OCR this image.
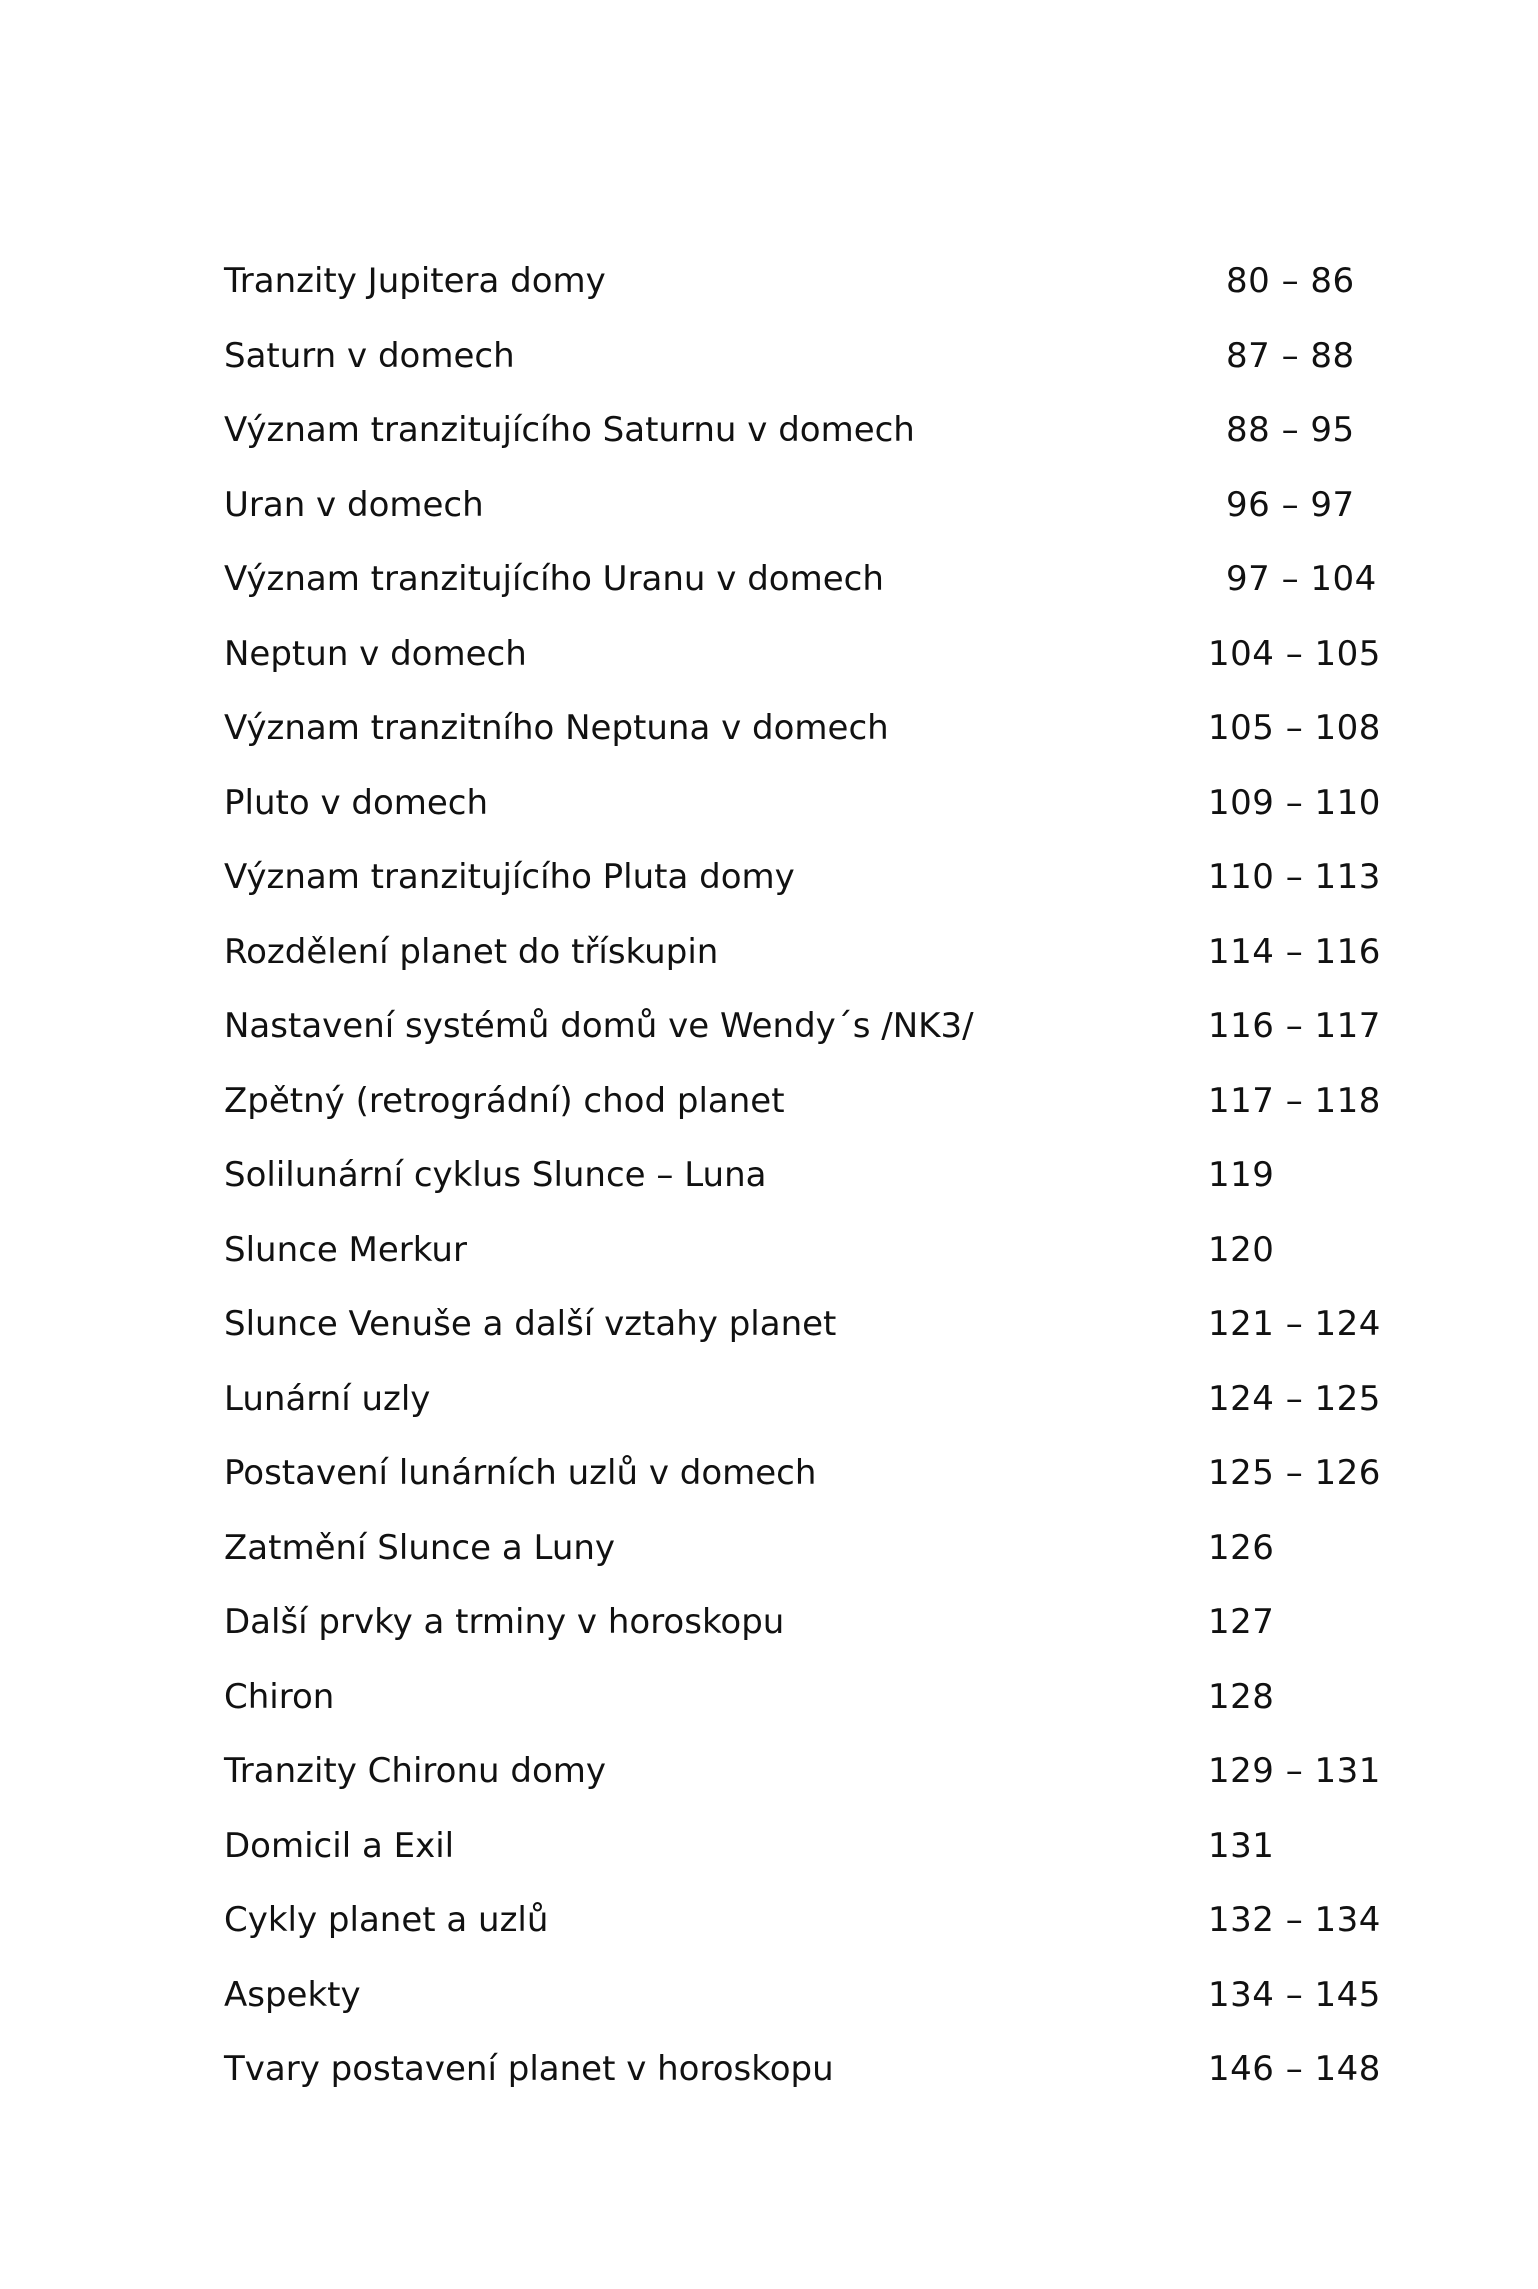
Tranzity Jupitera domy	80 – 86
Saturn v domech	87 – 88
Význam tranzitujícího Saturnu v domech	88 – 95
Uran v domech	96 – 97
Význam tranzitujícího Uranu v domech	97 – 104
Neptun v domech	104 – 105
Význam tranzitního Neptuna v domech	105 – 108
Pluto v domech	109 – 110
Význam tranzitujícího Pluta domy	110 – 113
Rozdělení planet do třískupin	114 – 116
Nastavení systémů domů ve Wendy´s /NK3/	116 – 117
Zpětný (retrográdní) chod planet	117 – 118
Solilunární cyklus Slunce – Luna	119
Slunce Merkur	120
Slunce Venuše a další vztahy planet	121 – 124
Lunární uzly	124 – 125
Postavení lunárních uzlů v domech	125 – 126
Zatmění Slunce a Luny	126
Další prvky a trminy v horoskopu	127
Chiron	128
Tranzity Chironu domy	129 – 131
Domicil a Exil	131
Cykly planet a uzlů	132 – 134
Aspekty	134 – 145
Tvary postavení planet v horoskopu	146 – 148
